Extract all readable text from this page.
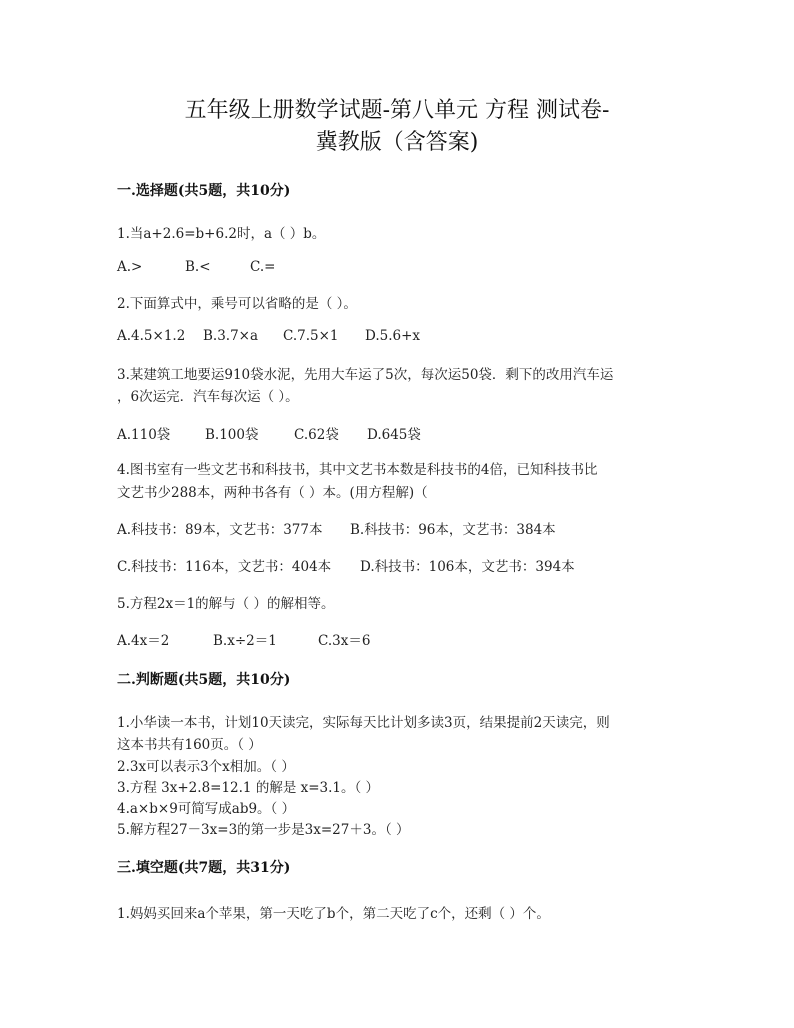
五年级上册数学试题-第八单元 方程 测试卷-
冀教版（含答案)
一.选择题(共5题，共10分)
1.当a+2.6=b+6.2时，a（ ）b。
A.>	B.<	C.=
2.下面算式中，乘号可以省略的是（ ）。
A.4.5×1.2 B.3.7×a C.7.5×1 D.5.6+x
3.某建筑工地要运910袋水泥，先用大车运了5次，每次运50袋．剩下的改用汽车运
，6次运完．汽车每次运（ ）。
A.110袋	B.100袋	C.62袋 D.645袋
4.图书室有一些文艺书和科技书，其中文艺书本数是科技书的4倍，已知科技书比
文艺书少288本，两种书各有（ ）本。(用方程解)（
A.科技书：89本，文艺书：377本 B.科技书：96本，文艺书：384本
C.科技书：116本，文艺书：404本 D.科技书：106本，文艺书：394本
5.方程2x＝1的解与（ ）的解相等。
A.4x＝2	B.x÷2＝1	C.3x＝6
二.判断题(共5题，共10分)
1.小华读一本书，计划10天读完，实际每天比计划多读3页，结果提前2天读完，则
这本书共有160页。（ ）
2.3x可以表示3个x相加。（ ）
3.方程 3x+2.8=12.1 的解是 x=3.1。（ ）
4.a×b×9可简写成ab9。（ ）
5.解方程27－3x=3的第一步是3x=27＋3。（ ）
三.填空题(共7题，共31分)
1.妈妈买回来a个苹果，第一天吃了b个，第二天吃了c个，还剩（ ）个。
